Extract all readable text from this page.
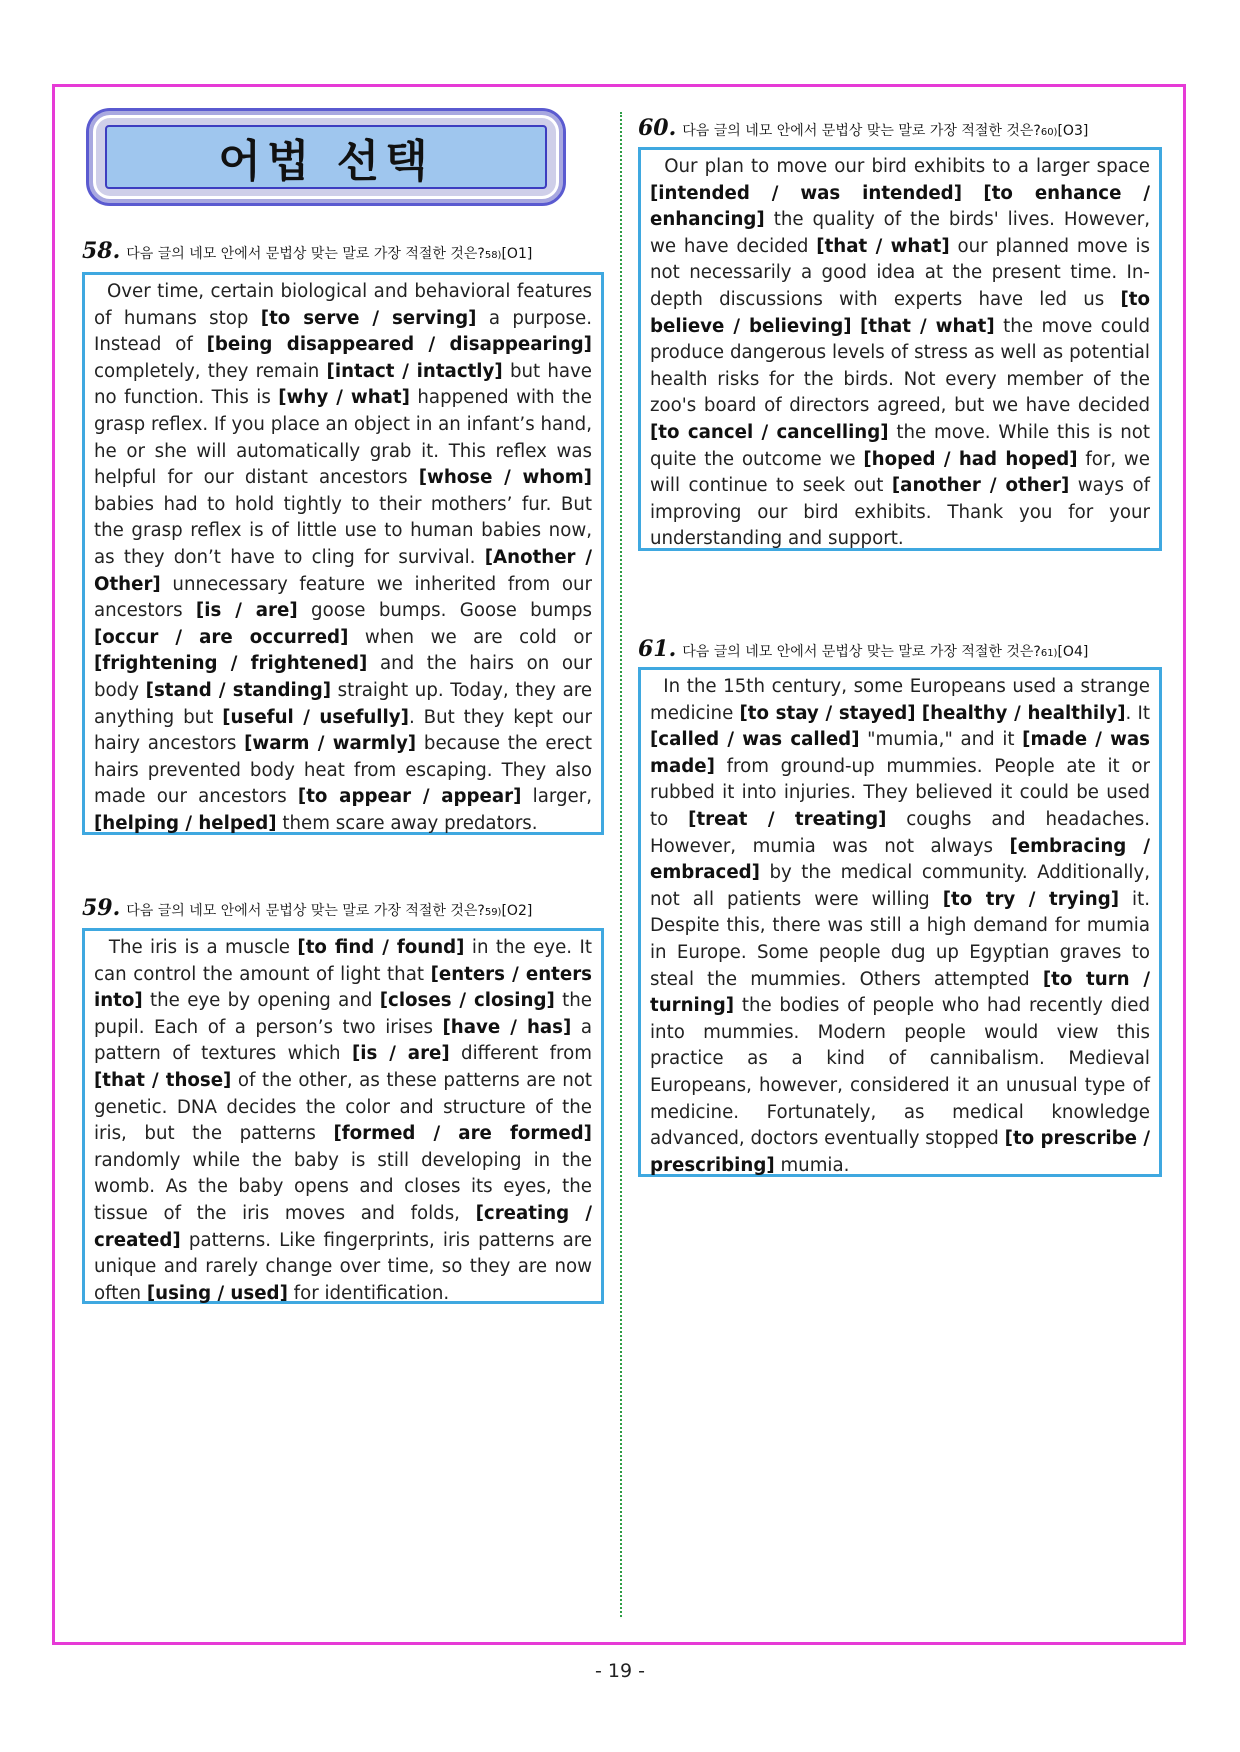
어법 선택
58. 다음 글의 네모 안에서 문법상 맞는 말로 가장 적절한 것은? 58) [O1]
Over time, certain biological and behavioral features of humans stop [to serve / serving] a purpose. Instead of [being disappeared / disappearing] completely, they remain [intact / intactly] but have no function. This is [why / what] happened with the grasp reflex. If you place an object in an infant’s hand, he or she will automatically grab it. This reflex was helpful for our distant ancestors [whose / whom] babies had to hold tightly to their mothers’ fur. But the grasp reflex is of little use to human babies now, as they don’t have to cling for survival. [Another / Other] unnecessary feature we inherited from our ancestors [is / are] goose bumps. Goose bumps [occur / are occurred] when we are cold or [frightening / frightened] and the hairs on our body [stand / standing] straight up. Today, they are anything but [useful / usefully]. But they kept our hairy ancestors [warm / warmly] because the erect hairs prevented body heat from escaping. They also made our ancestors [to appear / appear] larger, [helping / helped] them scare away predators.
59. 다음 글의 네모 안에서 문법상 맞는 말로 가장 적절한 것은? 59) [O2]
The iris is a muscle [to find / found] in the eye. It can control the amount of light that [enters / enters into] the eye by opening and [closes / closing] the pupil. Each of a person’s two irises [have / has] a pattern of textures which [is / are] different from [that / those] of the other, as these patterns are not genetic. DNA decides the color and structure of the iris, but the patterns [formed / are formed] randomly while the baby is still developing in the womb. As the baby opens and closes its eyes, the tissue of the iris moves and folds, [creating / created] patterns. Like fingerprints, iris patterns are unique and rarely change over time, so they are now often [using / used] for identification.
60. 다음 글의 네모 안에서 문법상 맞는 말로 가장 적절한 것은? 60) [O3]
Our plan to move our bird exhibits to a larger space [intended / was intended] [to enhance / enhancing] the quality of the birds' lives. However, we have decided [that / what] our planned move is not necessarily a good idea at the present time. In-depth discussions with experts have led us [to believe / believing] [that / what] the move could produce dangerous levels of stress as well as potential health risks for the birds. Not every member of the zoo's board of directors agreed, but we have decided [to cancel / cancelling] the move. While this is not quite the outcome we [hoped / had hoped] for, we will continue to seek out [another / other] ways of improving our bird exhibits. Thank you for your understanding and support.
61. 다음 글의 네모 안에서 문법상 맞는 말로 가장 적절한 것은? 61) [O4]
In the 15th century, some Europeans used a strange medicine [to stay / stayed] [healthy / healthily]. It [called / was called] "mumia," and it [made / was made] from ground-up mummies. People ate it or rubbed it into injuries. They believed it could be used to [treat / treating] coughs and headaches. However, mumia was not always [embracing / embraced] by the medical community. Additionally, not all patients were willing [to try / trying] it. Despite this, there was still a high demand for mumia in Europe. Some people dug up Egyptian graves to steal the mummies. Others attempted [to turn / turning] the bodies of people who had recently died into mummies. Modern people would view this practice as a kind of cannibalism. Medieval Europeans, however, considered it an unusual type of medicine. Fortunately, as medical knowledge advanced, doctors eventually stopped [to prescribe / prescribing] mumia.
- 19 -
